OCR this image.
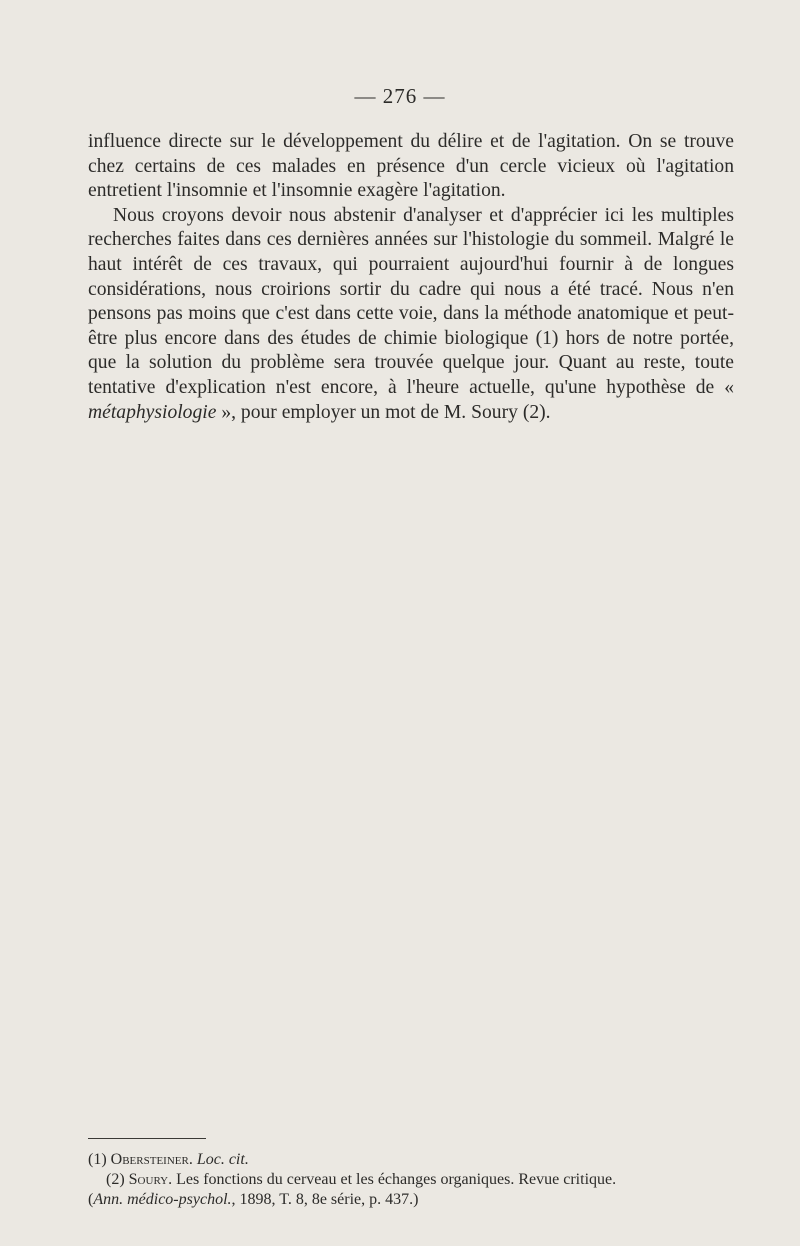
— 276 —

influence directe sur le développement du délire et de l'agitation. On se trouve chez certains de ces malades en présence d'un cercle vicieux où l'agitation entretient l'insomnie et l'insomnie exagère l'agitation.

Nous croyons devoir nous abstenir d'analyser et d'apprécier ici les multiples recherches faites dans ces dernières années sur l'histologie du sommeil. Malgré le haut intérêt de ces travaux, qui pourraient aujourd'hui fournir à de longues considérations, nous croirions sortir du cadre qui nous a été tracé. Nous n'en pensons pas moins que c'est dans cette voie, dans la méthode anatomique et peut-être plus encore dans des études de chimie biologique (1) hors de notre portée, que la solution du problème sera trouvée quelque jour. Quant au reste, toute tentative d'explication n'est encore, à l'heure actuelle, qu'une hypothèse de « métaphysiologie », pour employer un mot de M. Soury (2).

(1) Obersteiner. Loc. cit.

(2) Soury. Les fonctions du cerveau et les échanges organiques. Revue critique.

(Ann. médico-psychol., 1898, T. 8, 8e série, p. 437.)
